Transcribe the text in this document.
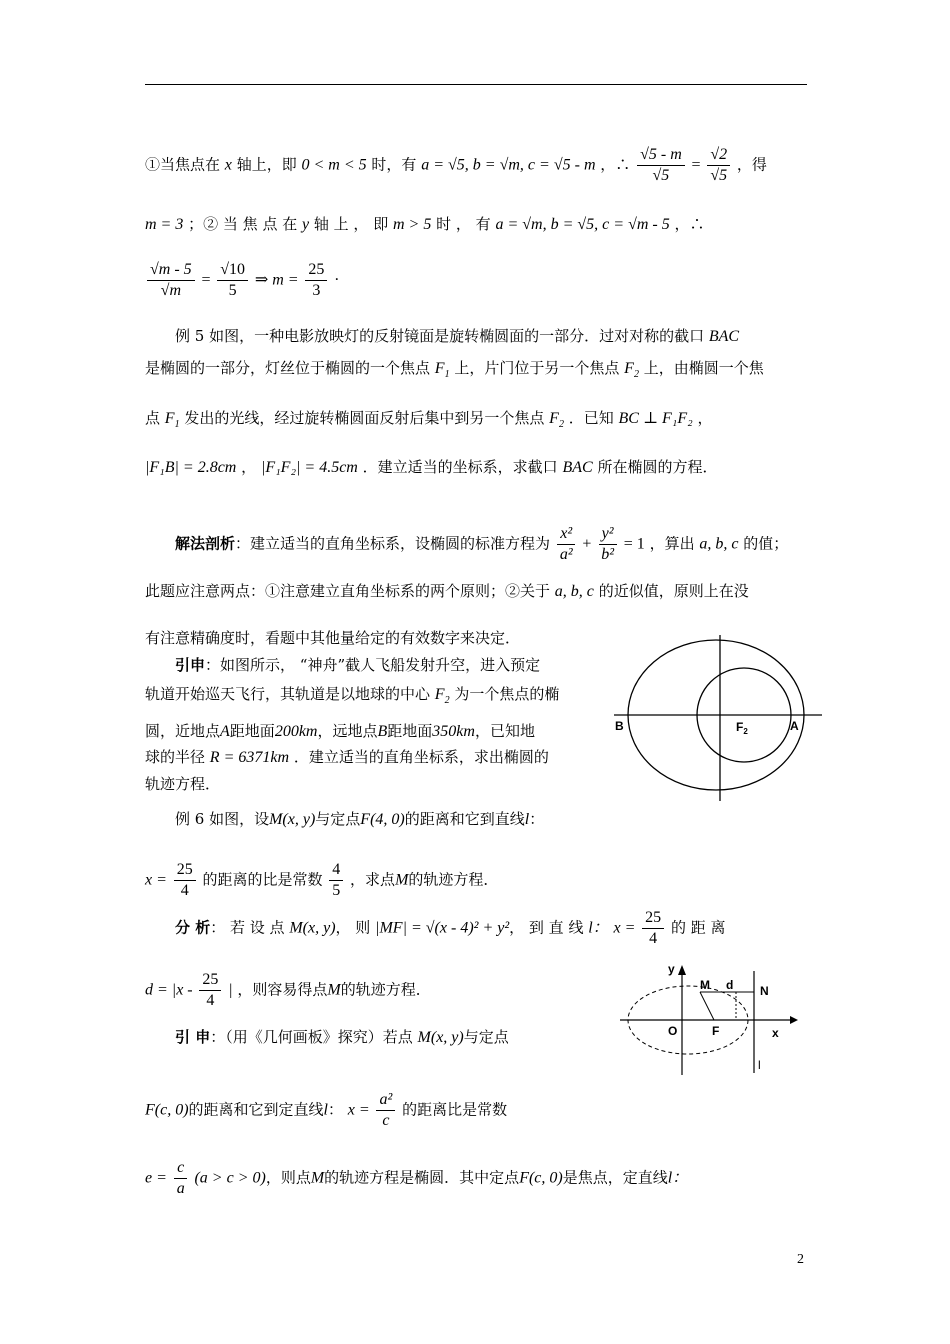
①当焦点在 x 轴上，即 0 < m < 5 时，有 a = √5, b = √m, c = √5 - m ，∴ $\frac{√5 - m}{√5} = \frac{√2}{√5}$ ，得
m = 3 ；② 当 焦 点 在 y 轴 上 ， 即 m > 5 时 ， 有 a = √m, b = √5, c = √m - 5 ，∴
$\frac{√m - 5}{√m} = \frac{√10}{5}$ ⇒ $m = \frac{25}{3}$ ·
例 5 如图，一种电影放映灯的反射镜面是旋转椭圆面的一部分．过对对称的截口 BAC
是椭圆的一部分，灯丝位于椭圆的一个焦点 $F_1$ 上，片门位于另一个焦点 $F_2$ 上，由椭圆一个焦
点 $F_1$ 发出的光线，经过旋转椭圆面反射后集中到另一个焦点 $F_2$ ．已知 BC ⊥ F₁F₂ ，
|F₁B| = 2.8cm ， |F₁F₂| = 4.5cm ．建立适当的坐标系，求截口 BAC 所在椭圆的方程．
解法剖析：建立适当的直角坐标系，设椭圆的标准方程为 $\frac{\text{x²}}{\text{a²}} + \frac{\text{y²}}{\text{b²}} = 1$ ，算出 a, b, c 的值；
此题应注意两点：①注意建立直角坐标系的两个原则；②关于 a, b, c 的近似值，原则上在没
有注意精确度时，看题中其他量给定的有效数字来决定．
引申：如图所示， “神舟”截人飞船发射升空，进入预定
轨道开始巡天飞行，其轨道是以地球的中心 $F_2$ 为一个焦点的椭
圆，近地点A距地面200km，远地点B距地面350km，已知地
球的半径 R = 6371km ．建立适当的直角坐标系，求出椭圆的
轨迹方程．
B	$F_2$	A
例 6 如图，设M(x, y)与定点F(4, 0)的距离和它到直线l：
$x = \frac{25}{4}$ 的距离的比是常数 $\frac{4}{5}$ ，求点M的轨迹方程．
分 析： 若 设 点 M(x, y)， 则 |MF| = √(x - 4)² + y²， 到 直 线 l： $x = \frac{25}{4}$ 的 距 离
$d = |x - \frac{25}{4}$ | ，则容易得点M的轨迹方程．
y
x
M d N
O	F
l
引 申：（用《几何画板》探究）若点 M(x, y)与定点
F(c, 0)的距离和它到定直线l： $x = \frac{\text{a²}}{c}$ 的距离比是常数
$e = \frac{c}{a} (a > c > 0)$，则点M的轨迹方程是椭圆．其中定点F(c, 0)是焦点，定直线l：
2
